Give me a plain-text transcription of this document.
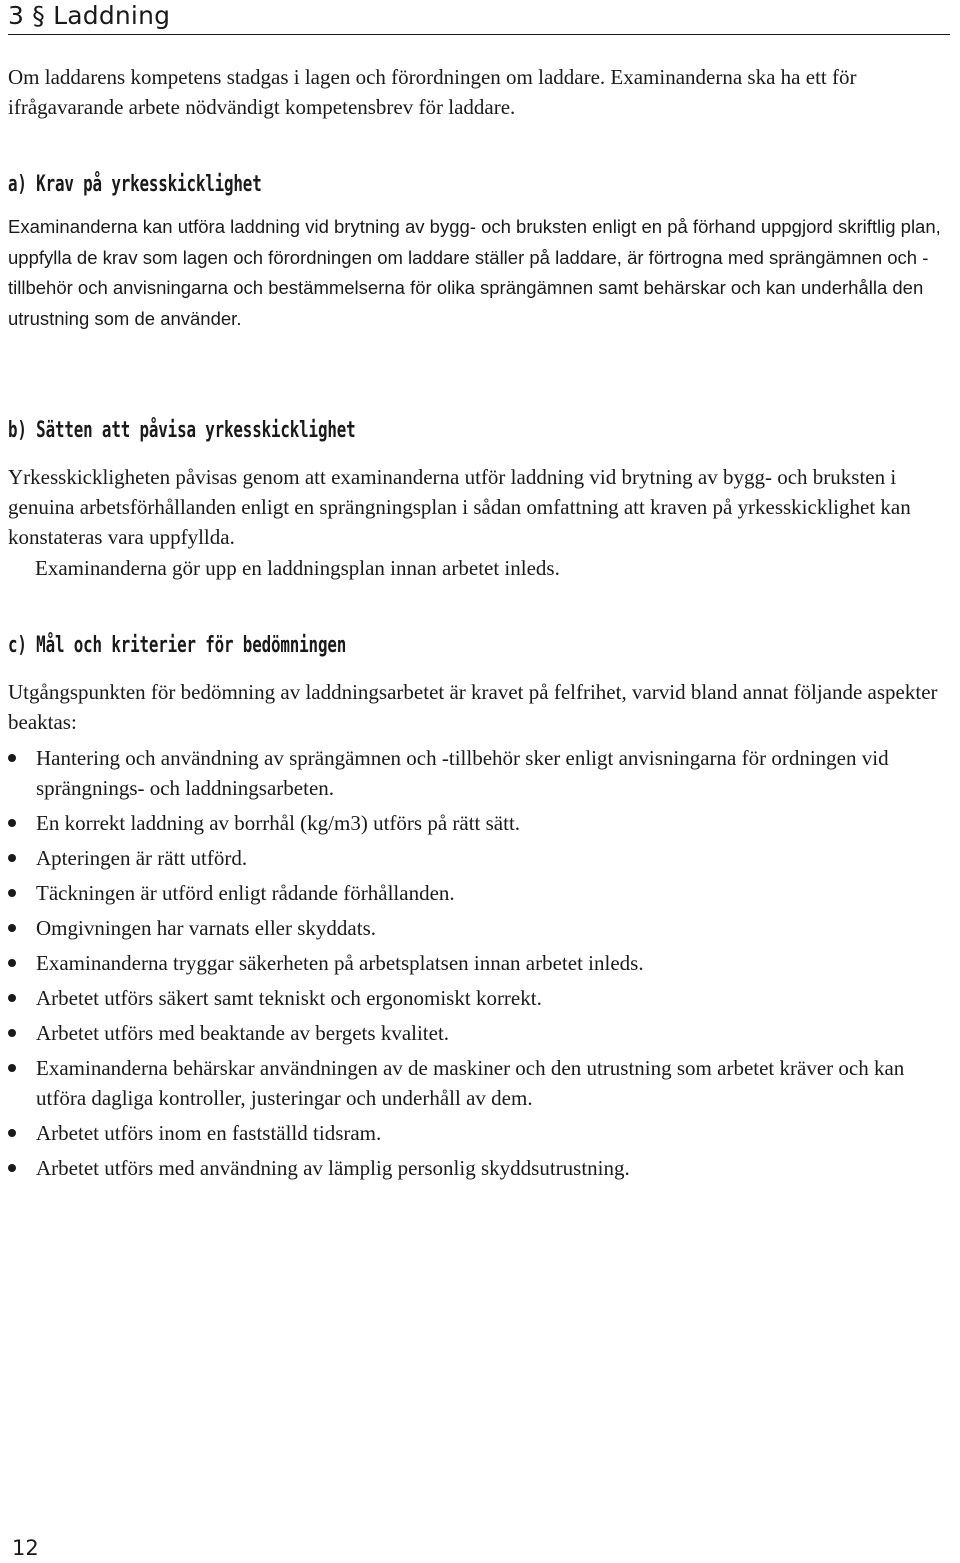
3 § Laddning

Om laddarens kompetens stadgas i lagen och förordningen om laddare. Examinanderna ska ha ett för ifrågavarande arbete nödvändigt kompetensbrev för laddare.

a) Krav på yrkesskicklighet

Examinanderna kan utföra laddning vid brytning av bygg- och bruksten enligt en på förhand uppgjord skriftlig plan, uppfylla de krav som lagen och förordningen om laddare ställer på laddare, är förtrogna med sprängämnen och -tillbehör och anvisningarna och bestämmelserna för olika sprängämnen samt behärskar och kan underhålla den utrustning som de använder.

b) Sätten att påvisa yrkesskicklighet

Yrkesskickligheten påvisas genom att examinanderna utför laddning vid brytning av bygg- och bruksten i genuina arbetsförhållanden enligt en sprängningsplan i sådan omfattning att kraven på yrkesskicklighet kan konstateras vara uppfyllda.

Examinanderna gör upp en laddningsplan innan arbetet inleds.

c) Mål och kriterier för bedömningen

Utgångspunkten för bedömning av laddningsarbetet är kravet på felfrihet, varvid bland annat följande aspekter beaktas:

Hantering och användning av sprängämnen och -tillbehör sker enligt anvisningarna för ordningen vid sprängnings- och laddningsarbeten.
En korrekt laddning av borrhål (kg/m3) utförs på rätt sätt.
Apteringen är rätt utförd.
Täckningen är utförd enligt rådande förhållanden.
Omgivningen har varnats eller skyddats.
Examinanderna tryggar säkerheten på arbetsplatsen innan arbetet inleds.
Arbetet utförs säkert samt tekniskt och ergonomiskt korrekt.
Arbetet utförs med beaktande av bergets kvalitet.
Examinanderna behärskar användningen av de maskiner och den utrustning som arbetet kräver och kan utföra dagliga kontroller, justeringar och underhåll av dem.
Arbetet utförs inom en fastställd tidsram.
Arbetet utförs med användning av lämplig personlig skyddsutrustning.
12
